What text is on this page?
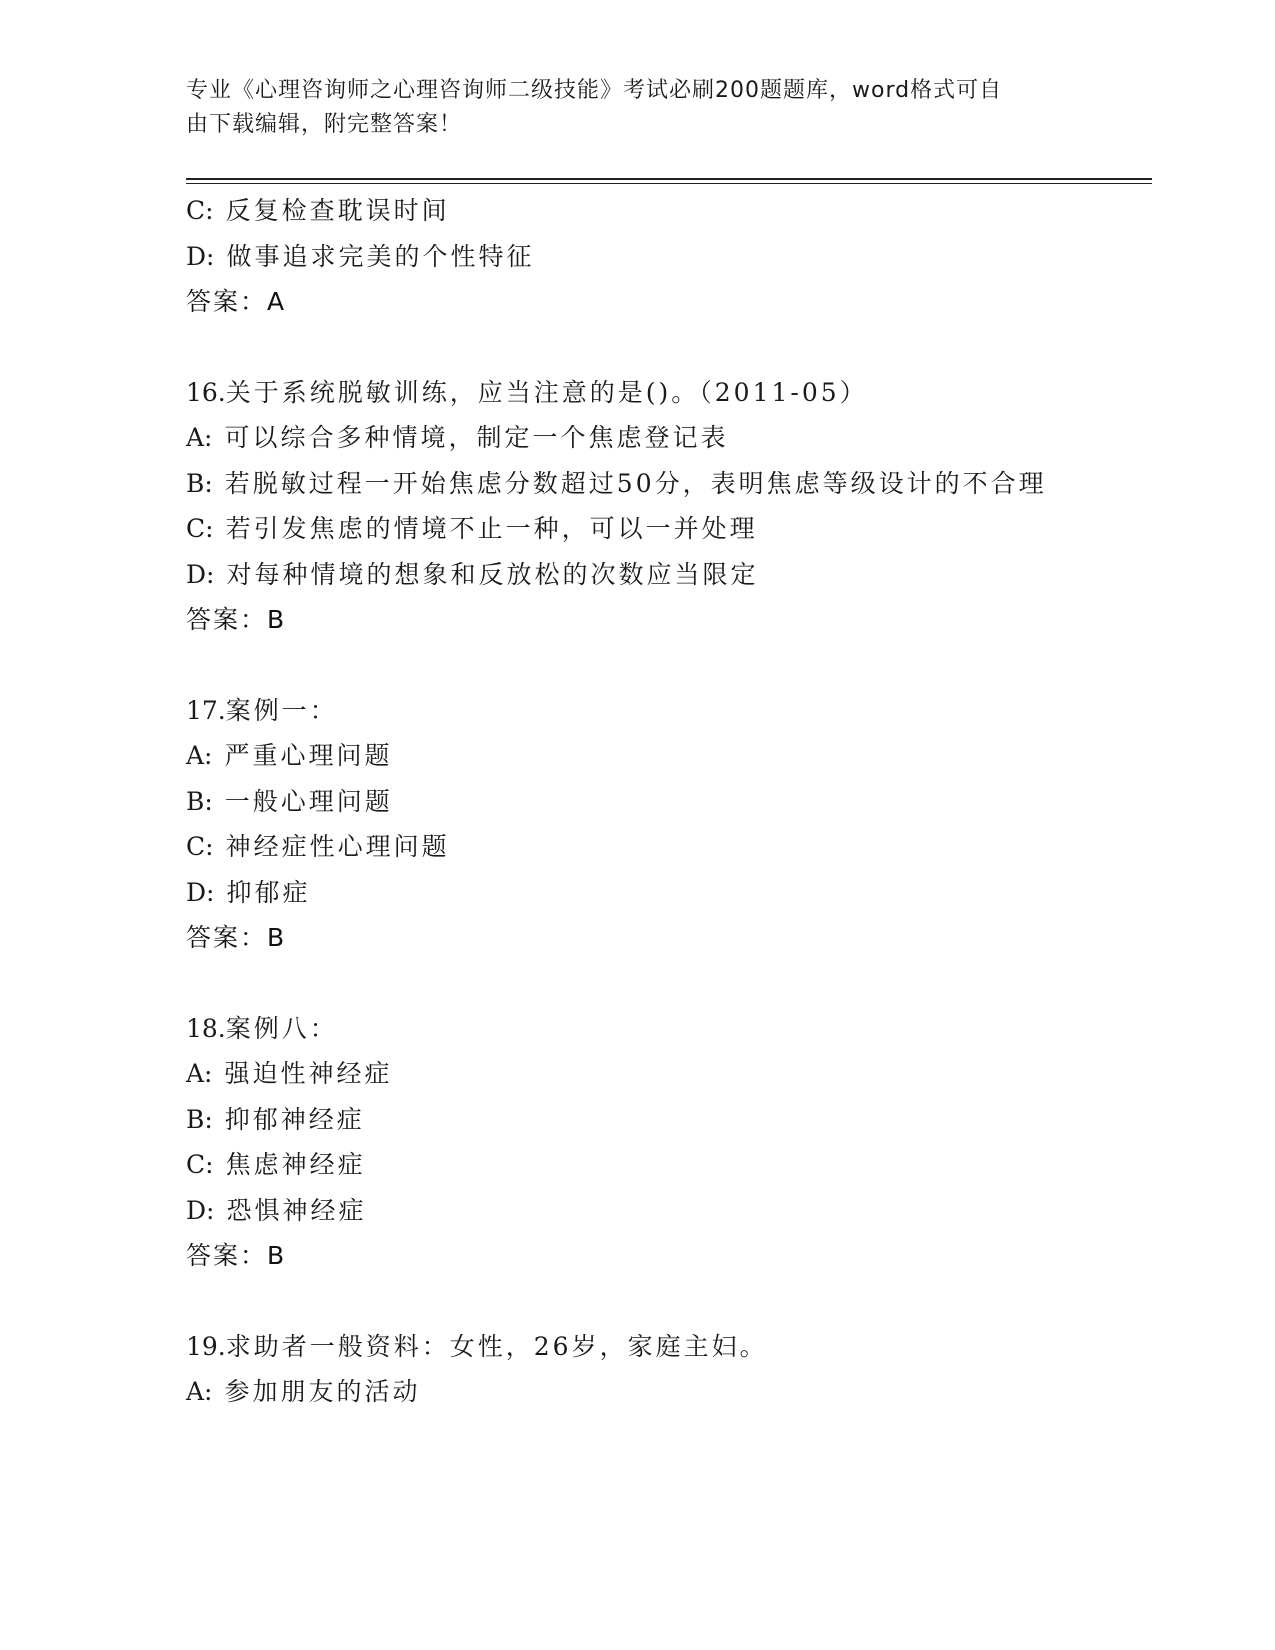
专业《心理咨询师之心理咨询师二级技能》考试必刷200题题库，word格式可自
由下载编辑，附完整答案！
C: 反复检查耽误时间
D: 做事追求完美的个性特征
答案：A
16.关于系统脱敏训练，应当注意的是()。（2011-05）
A: 可以综合多种情境，制定一个焦虑登记表
B: 若脱敏过程一开始焦虑分数超过50分，表明焦虑等级设计的不合理
C: 若引发焦虑的情境不止一种，可以一并处理
D: 对每种情境的想象和反放松的次数应当限定
答案：B
17.案例一：
A: 严重心理问题
B: 一般心理问题
C: 神经症性心理问题
D: 抑郁症
答案：B
18.案例八：
A: 强迫性神经症
B: 抑郁神经症
C: 焦虑神经症
D: 恐惧神经症
答案：B
19.求助者一般资料：女性，26岁，家庭主妇。
A: 参加朋友的活动
